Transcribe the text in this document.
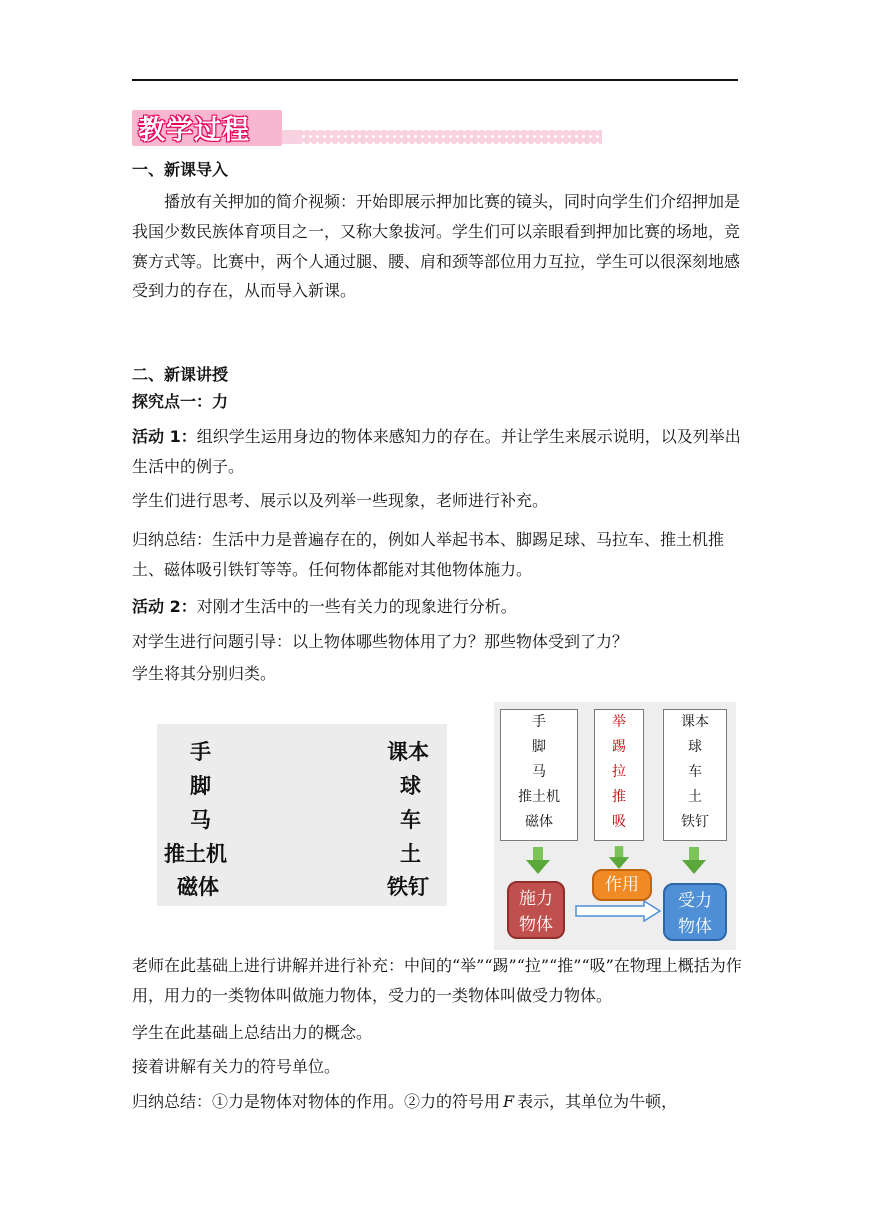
教学过程
一、新课导入
播放有关押加的简介视频：开始即展示押加比赛的镜头，同时向学生们介绍押加是我国少数民族体育项目之一，又称大象拔河。学生们可以亲眼看到押加比赛的场地，竞赛方式等。比赛中，两个人通过腿、腰、肩和颈等部位用力互拉，学生可以很深刻地感受到力的存在，从而导入新课。
二、新课讲授
探究点一：力
活动 1：组织学生运用身边的物体来感知力的存在。并让学生来展示说明，以及列举出生活中的例子。
学生们进行思考、展示以及列举一些现象，老师进行补充。
归纳总结：生活中力是普遍存在的，例如人举起书本、脚踢足球、马拉车、推土机推土、磁体吸引铁钉等等。任何物体都能对其他物体施力。
活动 2：对刚才生活中的一些有关力的现象进行分析。
对学生进行问题引导：以上物体哪些物体用了力？那些物体受到了力？
学生将其分别归类。
手
脚
马
推土机
磁体
课本
球
车
土
铁钉
手
脚
马
推土机
磁体
举
踢
拉
推
吸
课本
球
车
土
铁钉
施力物体
作用
受力物体
老师在此基础上进行讲解并进行补充：中间的“举”“踢”“拉”“推”“吸”在物理上概括为作用，用力的一类物体叫做施力物体，受力的一类物体叫做受力物体。
学生在此基础上总结出力的概念。
接着讲解有关力的符号单位。
归纳总结：①力是物体对物体的作用。②力的符号用 F 表示，其单位为牛顿，
